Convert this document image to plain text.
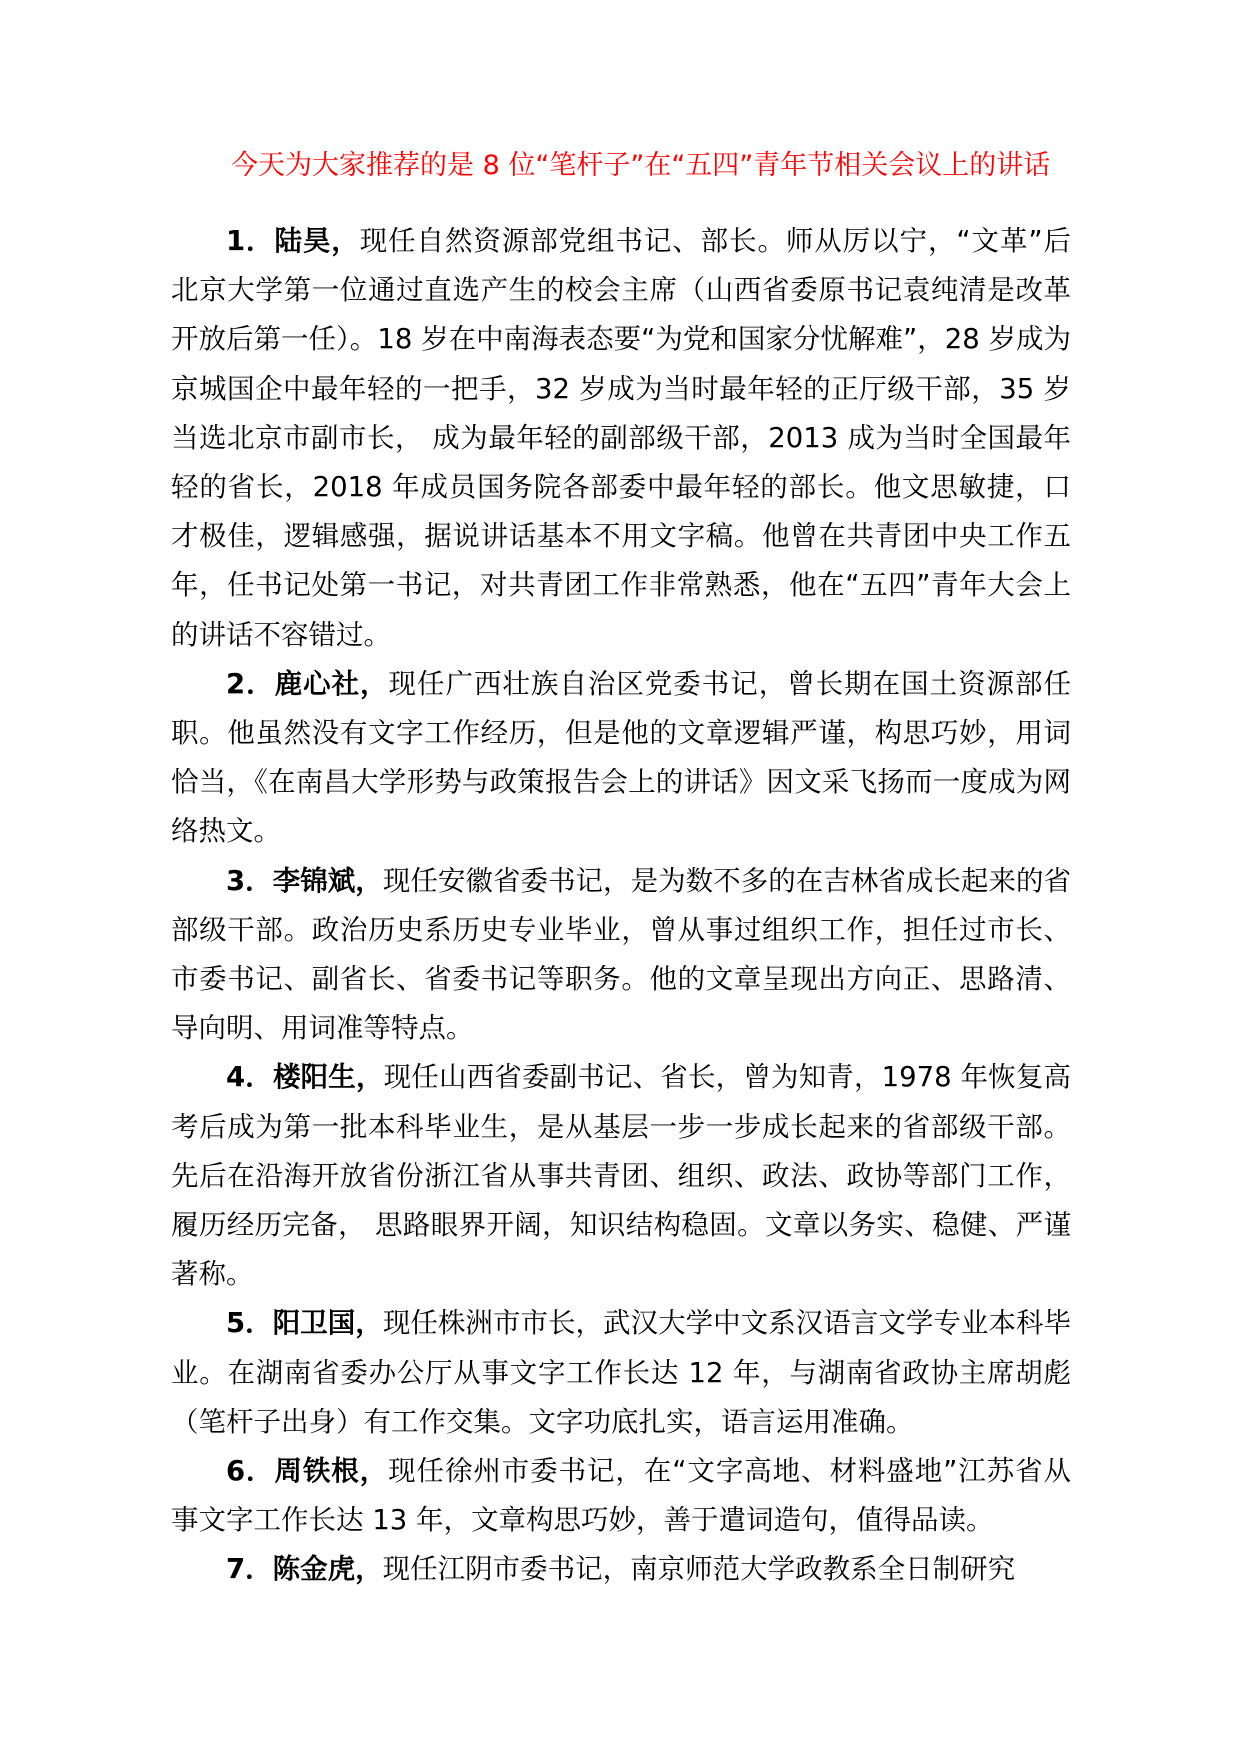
今天为大家推荐的是 8 位“笔杆子”在“五四”青年节相关会议上的讲话

1．陆昊，现任自然资源部党组书记、部长。师从厉以宁，“文革”后北京大学第一位通过直选产生的校会主席（山西省委原书记袁纯清是改革开放后第一任）。18 岁在中南海表态要“为党和国家分忧解难”，28 岁成为京城国企中最年轻的一把手，32 岁成为当时最年轻的正厅级干部，35 岁当选北京市副市长， 成为最年轻的副部级干部，2013 成为当时全国最年轻的省长，2018 年成员国务院各部委中最年轻的部长。他文思敏捷，口才极佳，逻辑感强，据说讲话基本不用文字稿。他曾在共青团中央工作五年，任书记处第一书记，对共青团工作非常熟悉，他在“五四”青年大会上的讲话不容错过。

2．鹿心社，现任广西壮族自治区党委书记，曾长期在国土资源部任职。他虽然没有文字工作经历，但是他的文章逻辑严谨，构思巧妙，用词恰当，《在南昌大学形势与政策报告会上的讲话》因文采飞扬而一度成为网络热文。

3．李锦斌，现任安徽省委书记，是为数不多的在吉林省成长起来的省部级干部。政治历史系历史专业毕业，曾从事过组织工作，担任过市长、市委书记、副省长、省委书记等职务。他的文章呈现出方向正、思路清、导向明、用词准等特点。

4．楼阳生，现任山西省委副书记、省长，曾为知青，1978 年恢复高考后成为第一批本科毕业生，是从基层一步一步成长起来的省部级干部。先后在沿海开放省份浙江省从事共青团、组织、政法、政协等部门工作，履历经历完备， 思路眼界开阔，知识结构稳固。文章以务实、稳健、严谨著称。

5．阳卫国，现任株洲市市长，武汉大学中文系汉语言文学专业本科毕业。在湖南省委办公厅从事文字工作长达 12 年，与湖南省政协主席胡彪（笔杆子出身）有工作交集。文字功底扎实，语言运用准确。

6．周铁根，现任徐州市委书记，在“文字高地、材料盛地”江苏省从事文字工作长达 13 年，文章构思巧妙，善于遣词造句，值得品读。

7．陈金虎，现任江阴市委书记，南京师范大学政教系全日制研究
